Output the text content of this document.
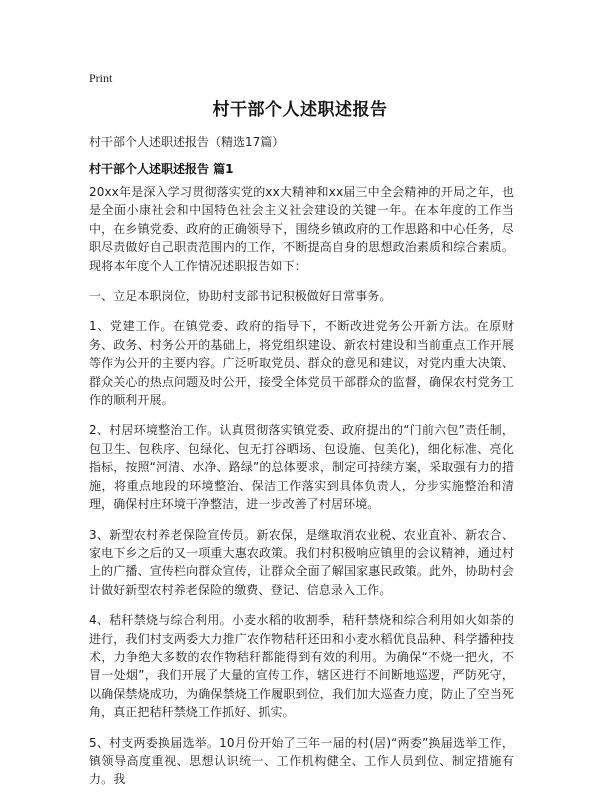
Print
村干部个人述职述报告
村干部个人述职述报告（精选17篇）
村干部个人述职述报告 篇1

20xx年是深入学习贯彻落实党的xx大精神和xx届三中全会精神的开局之年，也是全面小康社会和中国特色社会主义社会建设的关键一年。在本年度的工作当中，在乡镇党委、政府的正确领导下，围绕乡镇政府的工作思路和中心任务，尽职尽责做好自己职责范围内的工作，不断提高自身的思想政治素质和综合素质。现将本年度个人工作情况述职报告如下：

一、立足本职岗位，协助村支部书记积极做好日常事务。

1、党建工作。在镇党委、政府的指导下，不断改进党务公开新方法。在原财务、政务、村务公开的基础上，将党组织建设、新农村建设和当前重点工作开展等作为公开的主要内容。广泛听取党员、群众的意见和建议，对党内重大决策、群众关心的热点问题及时公开，接受全体党员干部群众的监督，确保农村党务工作的顺利开展。

2、村居环境整治工作。认真贯彻落实镇党委、政府提出的“门前六包”责任制，包卫生、包秩序、包绿化、包无打谷晒场、包设施、包美化)，细化标准、亮化指标，按照“河清、水净、路绿”的总体要求，制定可持续方案，采取强有力的措施，将重点地段的环境整治、保洁工作落实到具体负责人，分步实施整治和清理，确保村庄环境干净整洁，进一步改善了村居环境。

3、新型农村养老保险宣传员。新农保，是继取消农业税、农业直补、新农合、家电下乡之后的又一项重大惠农政策。我们村积极响应镇里的会议精神，通过村上的广播、宣传栏向群众宣传，让群众全面了解国家惠民政策。此外，协助村会计做好新型农村养老保险的缴费、登记、信息录入工作。

4、秸秆禁烧与综合利用。小麦水稻的收割季，秸秆禁烧和综合利用如火如荼的进行，我们村支两委大力推广农作物秸秆还田和小麦水稻优良品种、科学播种技术，力争绝大多数的农作物秸秆都能得到有效的利用。为确保“不烧一把火，不冒一处烟”，我们开展了大量的宣传工作，辖区进行不间断地巡逻，严防死守，以确保禁烧成功，为确保禁烧工作履职到位，我们加大巡查力度，防止了空当死角，真正把秸秆禁烧工作抓好、抓实。

5、村支两委换届选举。10月份开始了三年一届的村(居)“两委”换届选举工作，镇领导高度重视、思想认识统一、工作机构健全、工作人员到位、制定措施有力。我
